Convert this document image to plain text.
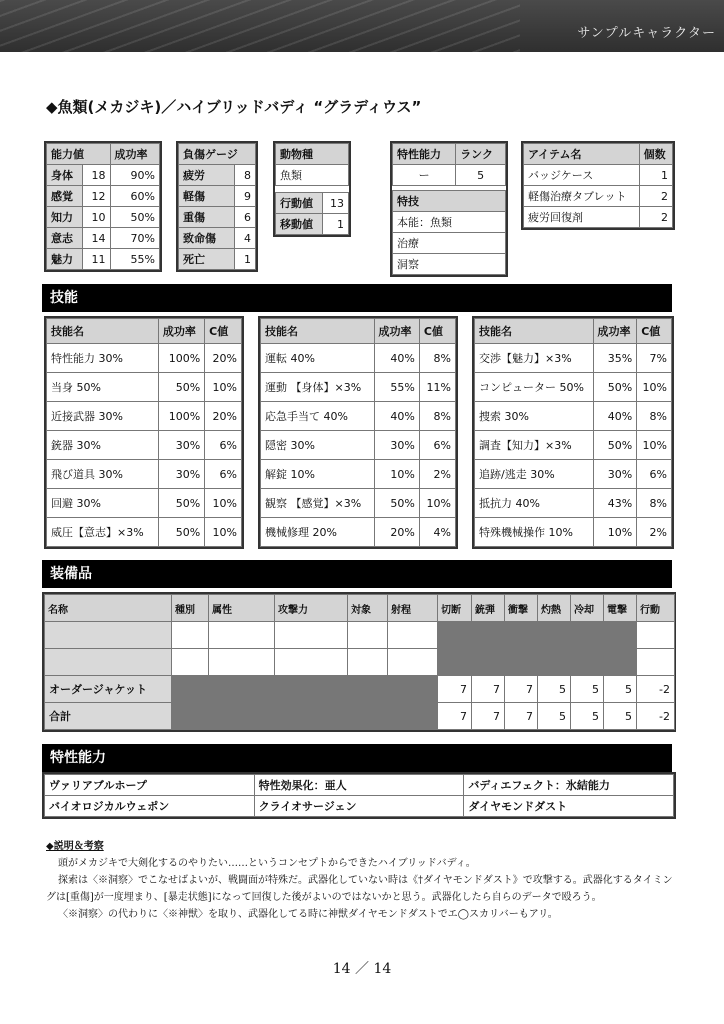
サンプルキャラクター
◆魚類(メカジキ)／ハイブリッドバディ “グラディウス”
能力値		成功率
身体	18	90%
感覚	12	60%
知力	10	50%
意志	14	70%
魅力	11	55%
負傷ゲージ	
疲労	8
軽傷	9
重傷	6
致命傷	4
死亡	1
動物種	
魚類	

行動値	13
移動値	1
特性能力	ランク
ー	5

特技	
本能：魚類	
治療	
洞察	
アイテム名	個数
バッジケース	1
軽傷治療タブレット	2
疲労回復剤	2
技能
技能名	成功率	C値
特性能力 30%	100%	20%
当身 50%	50%	10%
近接武器 30%	100%	20%
銃器 30%	30%	6%
飛び道具 30%	30%	6%
回避 30%	50%	10%
威圧【意志】×3%	50%	10%
技能名	成功率	C値
運転 40%	40%	8%
運動 【身体】×3%	55%	11%
応急手当て 40%	40%	8%
隠密 30%	30%	6%
解錠 10%	10%	2%
観察 【感覚】×3%	50%	10%
機械修理 20%	20%	4%
技能名	成功率	C値
交渉【魅力】×3%	35%	7%
コンピューター 50%	50%	10%
捜索 30%	40%	8%
調査【知力】×3%	50%	10%
追跡/逃走 30%	30%	6%
抵抗力 40%	43%	8%
特殊機械操作 10%	10%	2%
装備品
名称	種別	属性	攻撃力	対象	射程	切断	銃弾	衝撃	灼熱	冷却	電撃	行動

オーダージャケット						7	7	7	5	5	5	-2
合計						7	7	7	5	5	5	-2
特性能力
ヴァリアブルホープ	特性効果化：亜人	バディエフェクト：氷結能力
バイオロジカルウェポン	クライオサージェン	ダイヤモンドダスト
◆説明＆考察

頭がメカジキで大剣化するのやりたい……というコンセプトからできたハイブリッドバディ。

探索は〈※洞察〉でこなせばよいが、戦闘面が特殊だ。武器化していない時は《†ダイヤモンドダスト》で攻撃する。武器化するタイミングは[重傷]が一度埋まり、[暴走状態]になって回復した後がよいのではないかと思う。武器化したら自らのデータで殴ろう。

〈※洞察〉の代わりに〈※神獣〉を取り、武器化してる時に神獣ダイヤモンドダストでエ◯スカリバーもアリ。

14 ／ 14
